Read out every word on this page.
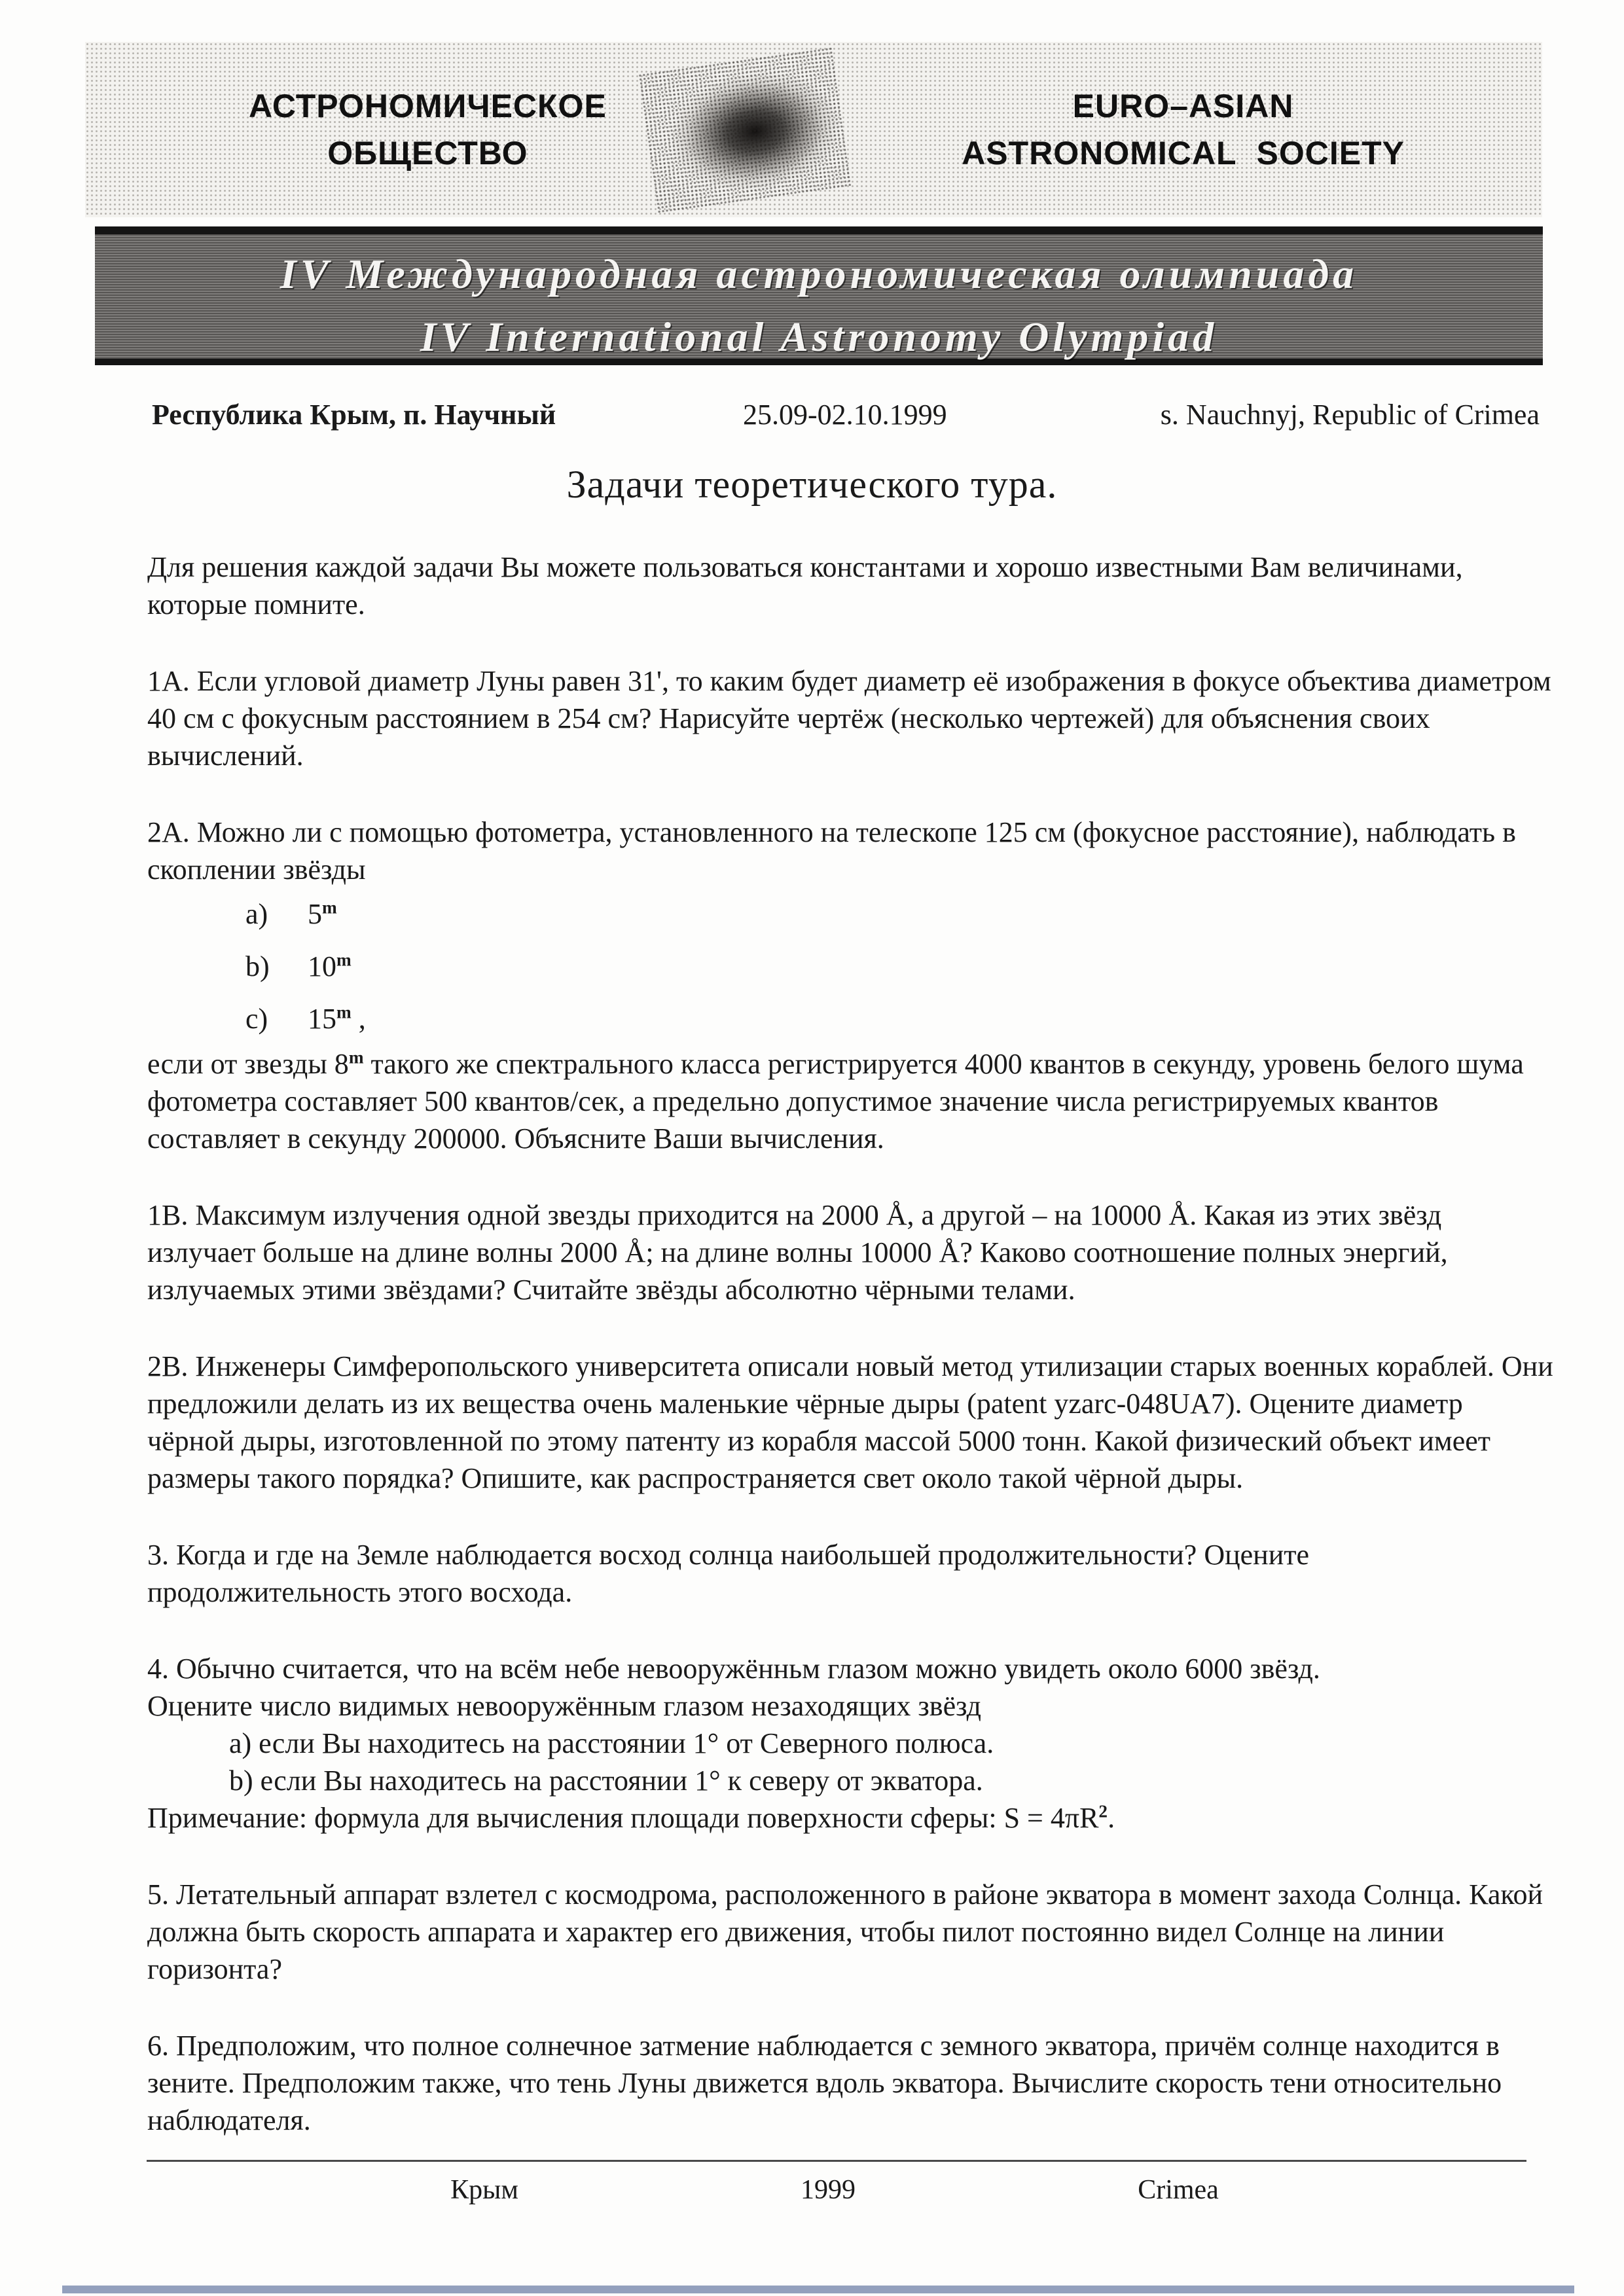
АСТРОНОМИЧЕСКОЕ
ОБЩЕСТВО
EURO–ASIAN
ASTRONOMICAL SOCIETY
IV Международная астрономическая олимпиада
IV International Astronomy Olympiad
Республика Крым, п. Научный	25.09-02.10.1999	s. Nauchnyj, Republic of Crimea
Задачи теоретического тура.

Для решения каждой задачи Вы можете пользоваться константами и хорошо известными Вам величинами, которые помните.

1А. Если угловой диаметр Луны равен 31', то каким будет диаметр её изображения в фокусе объектива диаметром 40 см с фокусным расстоянием в 254 см? Нарисуйте чертёж (несколько чертежей) для объяснения своих вычислений.

2А. Можно ли с помощью фотометра, установленного на телескопе 125 см (фокусное расстояние), наблюдать в скоплении звёзды

a) 5$^m$
b) 10$^m$
c) 15$^m$ ,

если от звезды 8$^m$ такого же спектрального класса регистрируется 4000 квантов в секунду, уровень белого шума фотометра составляет 500 квантов/сек, а предельно допустимое значение числа регистрируемых квантов составляет в секунду 200000. Объясните Ваши вычисления.

1В. Максимум излучения одной звезды приходится на 2000 Å, а другой – на 10000 Å. Какая из этих звёзд излучает больше на длине волны 2000 Å; на длине волны 10000 Å? Каково соотношение полных энергий, излучаемых этими звёздами? Считайте звёзды абсолютно чёрными телами.

2В. Инженеры Симферопольского университета описали новый метод утилизации старых военных кораблей. Они предложили делать из их вещества очень маленькие чёрные дыры (patent yzarc-048UA7). Оцените диаметр чёрной дыры, изготовленной по этому патенту из корабля массой 5000 тонн. Какой физический объект имеет размеры такого порядка? Опишите, как распространяется свет около такой чёрной дыры.

3. Когда и где на Земле наблюдается восход солнца наибольшей продолжительности? Оцените продолжительность этого восхода.

4. Обычно считается, что на всём небе невооружённьм глазом можно увидеть около 6000 звёзд.

Оцените число видимых невооружённым глазом незаходящих звёзд

а) если Вы находитесь на расстоянии 1° от Северного полюса.
b) если Вы находитесь на расстоянии 1° к северу от экватора.

Примечание: формула для вычисления площади поверхности сферы: $S = 4\pi R^2$.

5. Летательный аппарат взлетел с космодрома, расположенного в районе экватора в момент захода Солнца. Какой должна быть скорость аппарата и характер его движения, чтобы пилот постоянно видел Солнце на линии горизонта?

6. Предположим, что полное солнечное затмение наблюдается с земного экватора, причём солнце находится в зените. Предположим также, что тень Луны движется вдоль экватора. Вычислите скорость тени относительно наблюдателя.

Крым	1999	Crimea
